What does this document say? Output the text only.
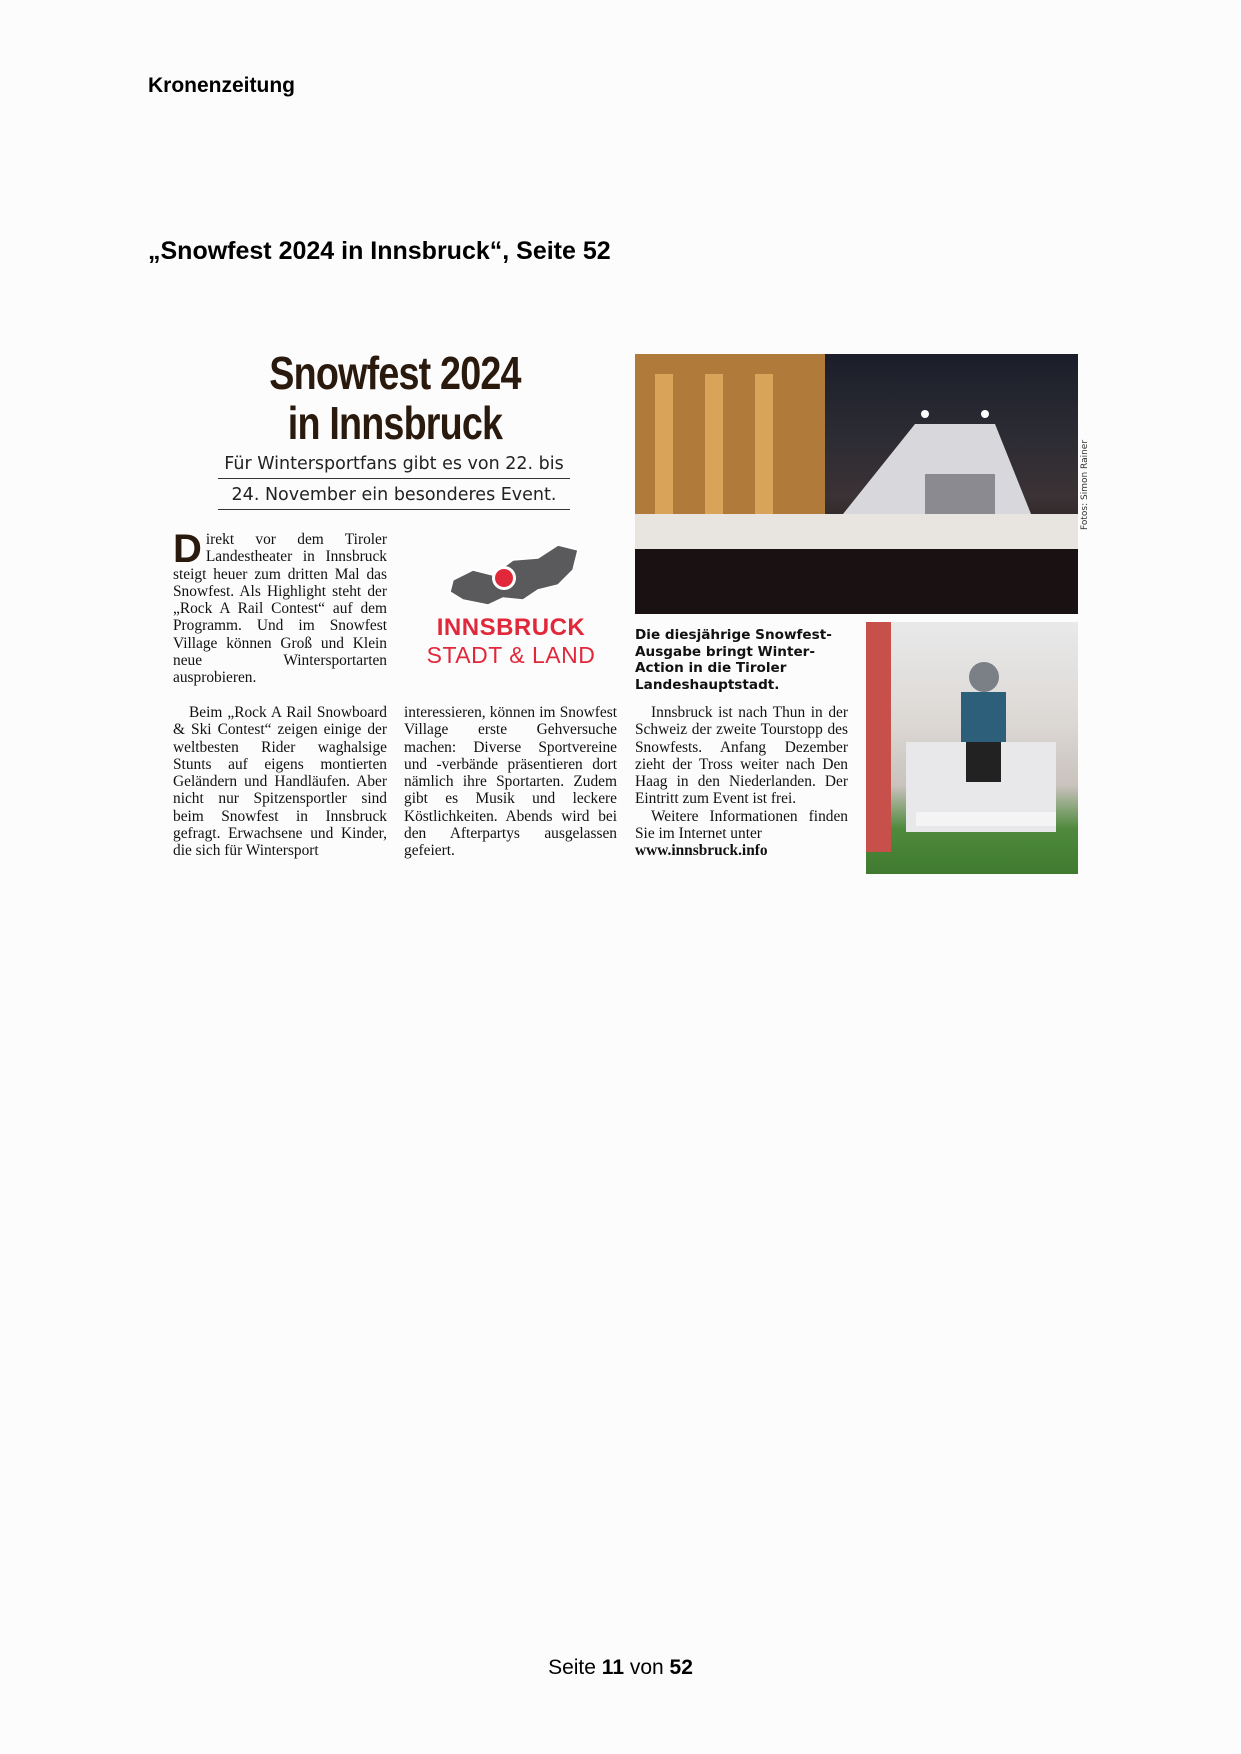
Kronenzeitung
„Snowfest 2024 in Innsbruck“, Seite 52
Snowfest 2024
in Innsbruck
Für Wintersportfans gibt es von 22. bis
24. November ein besonderes Event.

Direkt vor dem Tiroler Landestheater in Innsbruck steigt heuer zum dritten Mal das Snowfest. Als Highlight steht der „Rock A Rail Contest“ auf dem Programm. Und im Snowfest Village können Groß und Klein neue Wintersportarten ausprobieren.

Beim „Rock A Rail Snowboard & Ski Contest“ zeigen einige der weltbesten Rider waghalsige Stunts auf eigens montierten Geländern und Handläufen. Aber nicht nur Spitzensportler sind beim Snowfest in Innsbruck gefragt. Erwachsene und Kinder, die sich für Wintersport

interessieren, können im Snowfest Village erste Gehversuche machen: Diverse Sportvereine und -verbände präsentieren dort nämlich ihre Sportarten. Zudem gibt es Musik und leckere Köstlichkeiten. Abends wird bei den Afterpartys ausgelassen gefeiert.

Innsbruck ist nach Thun in der Schweiz der zweite Tourstopp des Snowfests. Anfang Dezember zieht der Tross weiter nach Den Haag in den Niederlanden. Der Eintritt zum Event ist frei.

Weitere Informationen finden Sie im Internet unter

www.innsbruck.info

INNSBRUCK
STADT & LAND
Fotos: Simon Rainer
Die diesjährige Snowfest-Ausgabe bringt Winter-Action in die Tiroler Landeshauptstadt.
Seite 11 von 52
